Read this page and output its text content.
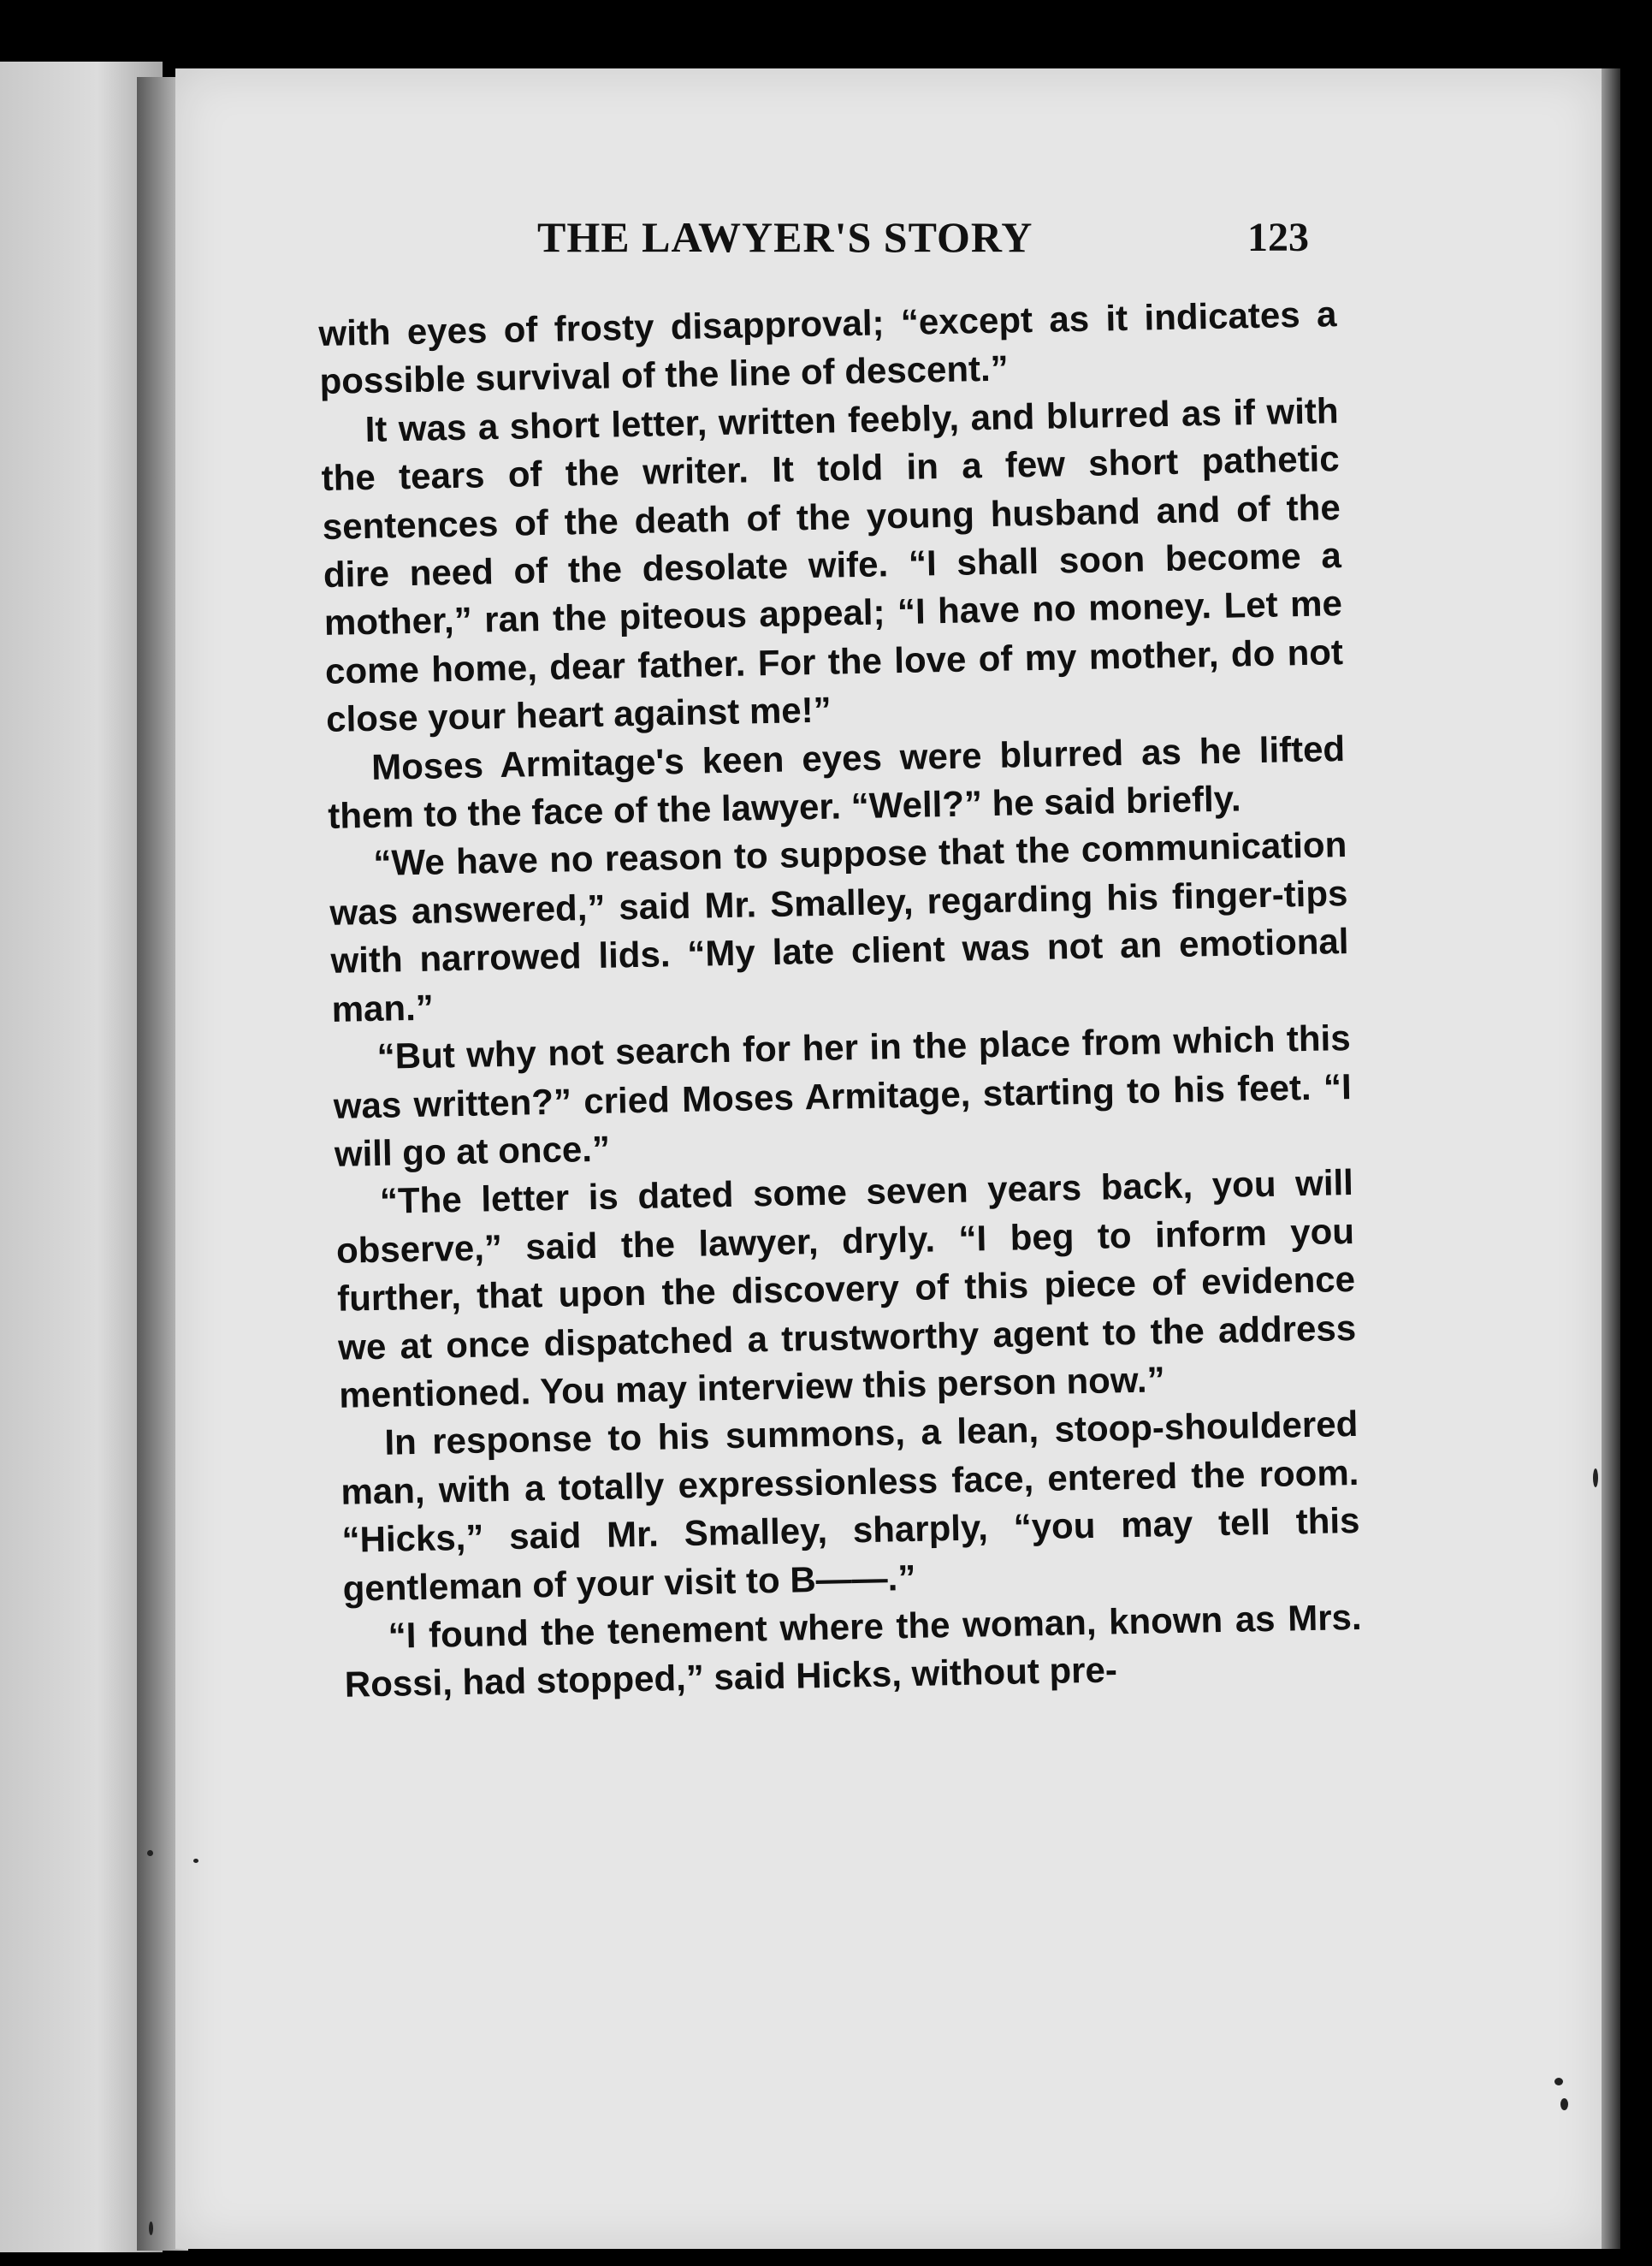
THE LAWYER'S STORY	123

with eyes of frosty disapproval; “except as it indicates a possible survival of the line of descent.”

It was a short letter, written feebly, and blurred as if with the tears of the writer. It told in a few short pathetic sentences of the death of the young husband and of the dire need of the desolate wife. “I shall soon become a mother,” ran the piteous appeal; “I have no money. Let me come home, dear father. For the love of my mother, do not close your heart against me!”

Moses Armitage's keen eyes were blurred as he lifted them to the face of the lawyer. “Well?” he said briefly.

“We have no reason to suppose that the communication was answered,” said Mr. Smalley, regarding his finger-tips with narrowed lids. “My late client was not an emotional man.”

“But why not search for her in the place from which this was written?” cried Moses Armitage, starting to his feet. “I will go at once.”

“The letter is dated some seven years back, you will observe,” said the lawyer, dryly. “I beg to inform you further, that upon the discovery of this piece of evidence we at once dispatched a trustworthy agent to the address mentioned. You may interview this person now.”

In response to his summons, a lean, stoop-shouldered man, with a totally expressionless face, entered the room. “Hicks,” said Mr. Smalley, sharply, “you may tell this gentleman of your visit to B——.”

“I found the tenement where the woman, known as Mrs. Rossi, had stopped,” said Hicks, without pre-
